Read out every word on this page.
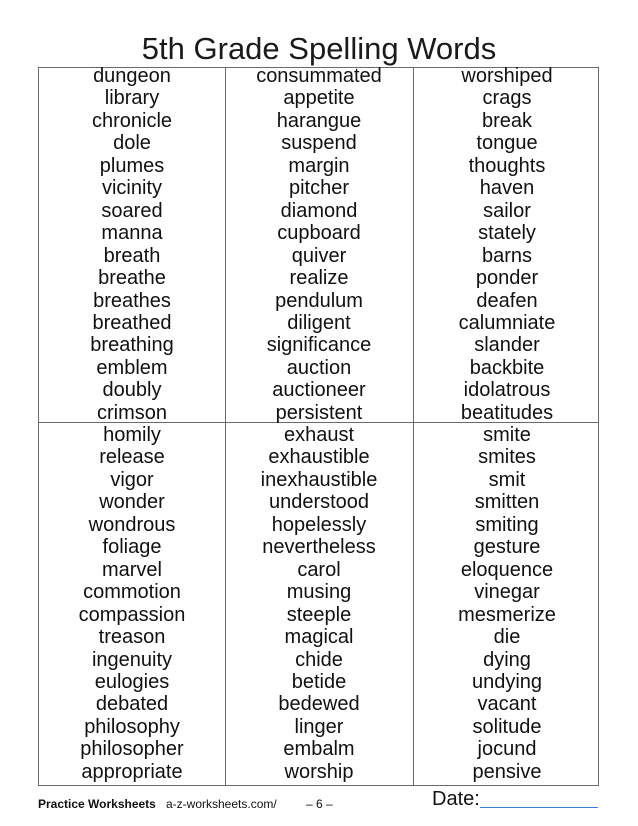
5th Grade Spelling Words
dungeon
library
chronicle
dole
plumes
vicinity
soared
manna
breath
breathe
breathes
breathed
breathing
emblem
doubly
crimson
consummated
appetite
harangue
suspend
margin
pitcher
diamond
cupboard
quiver
realize
pendulum
diligent
significance
auction
auctioneer
persistent
worshiped
crags
break
tongue
thoughts
haven
sailor
stately
barns
ponder
deafen
calumniate
slander
backbite
idolatrous
beatitudes
homily
release
vigor
wonder
wondrous
foliage
marvel
commotion
compassion
treason
ingenuity
eulogies
debated
philosophy
philosopher
appropriate
exhaust
exhaustible
inexhaustible
understood
hopelessly
nevertheless
carol
musing
steeple
magical
chide
betide
bedewed
linger
embalm
worship
smite
smites
smit
smitten
smiting
gesture
eloquence
vinegar
mesmerize
die
dying
undying
vacant
solitude
jocund
pensive
Practice Worksheets a-z-worksheets.com/ – 6 –	Date:
